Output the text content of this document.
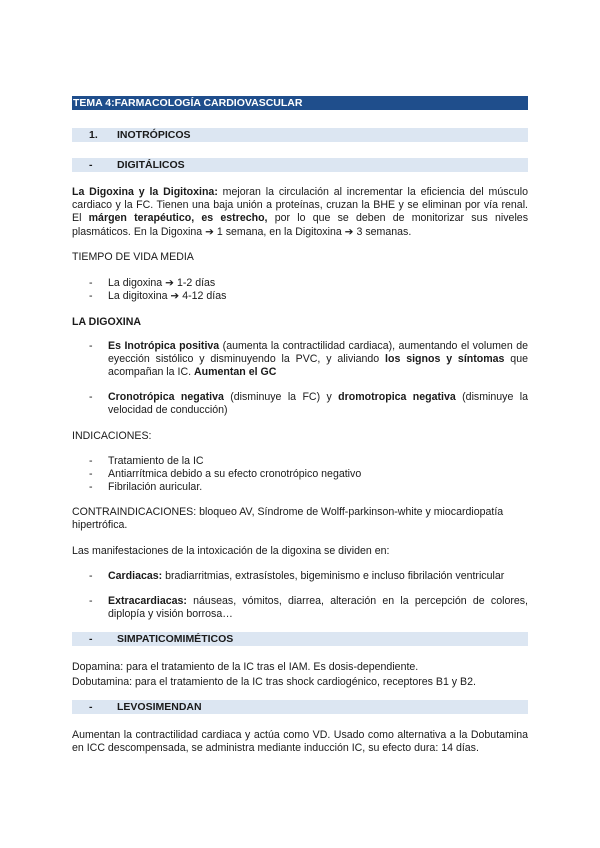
TEMA 4:FARMACOLOGÍA CARDIOVASCULAR
1. INOTRÓPICOS
- DIGITÁLICOS

La Digoxina y la Digitoxina: mejoran la circulación al incrementar la eficiencia del músculo cardiaco y la FC. Tienen una baja unión a proteínas, cruzan la BHE y se eliminan por vía renal. El márgen terapéutico, es estrecho, por lo que se deben de monitorizar sus niveles plasmáticos. En la Digoxina ➔ 1 semana, en la Digitoxina ➔ 3 semanas.

TIEMPO DE VIDA MEDIA

- La digoxina ➔ 1-2 días
- La digitoxina ➔ 4-12 días

LA DIGOXINA

- Es Inotrópica positiva (aumenta la contractilidad cardiaca), aumentando el volumen de eyección sistólico y disminuyendo la PVC, y aliviando los signos y síntomas que acompañan la IC. Aumentan el GC
- Cronotrópica negativa (disminuye la FC) y dromotropica negativa (disminuye la velocidad de conducción)

INDICACIONES:

- Tratamiento de la IC
- Antiarrítmica debido a su efecto cronotrópico negativo
- Fibrilación auricular.

CONTRAINDICACIONES: bloqueo AV, Síndrome de Wolff-parkinson-white y miocardiopatía hipertrófica.

Las manifestaciones de la intoxicación de la digoxina se dividen en:

- Cardiacas: bradiarritmias, extrasístoles, bigeminismo e incluso fibrilación ventricular
- Extracardiacas: náuseas, vómitos, diarrea, alteración en la percepción de colores, diplopía y visión borrosa…
- SIMPATICOMIMÉTICOS

Dopamina: para el tratamiento de la IC tras el IAM. Es dosis-dependiente.

Dobutamina: para el tratamiento de la IC tras shock cardiogénico, receptores B1 y B2.

- LEVOSIMENDAN

Aumentan la contractilidad cardiaca y actúa como VD. Usado como alternativa a la Dobutamina en ICC descompensada, se administra mediante inducción IC, su efecto dura: 14 días.
